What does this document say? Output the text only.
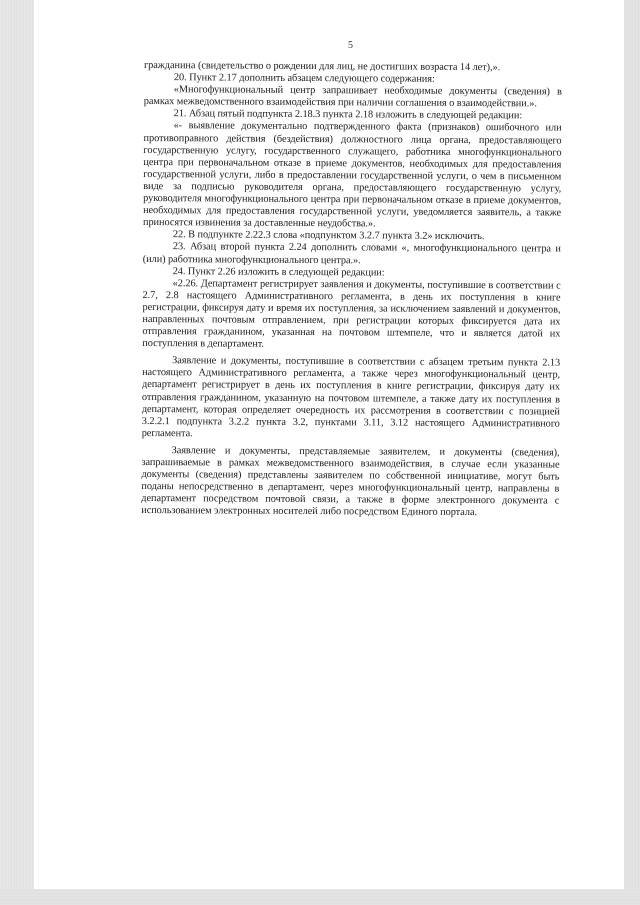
5

гражданина (свидетельство о рождении для лиц, не достигших возраста 14 лет),».

20. Пункт 2.17 дополнить абзацем следующего содержания:

«Многофункциональный центр запрашивает необходимые документы (сведения) в рамках межведомственного взаимодействия при наличии соглашения о взаимодействии.».

21. Абзац пятый подпункта 2.18.3 пункта 2.18 изложить в следующей редакции:

«- выявление документально подтвержденного факта (признаков) ошибочного или противоправного действия (бездействия) должностного лица органа, предоставляющего государственную услугу, государственного служащего, работника многофункционального центра при первоначальном отказе в приеме документов, необходимых для предоставления государственной услуги, либо в предоставлении государственной услуги, о чем в письменном виде за подписью руководителя органа, предоставляющего государственную услугу, руководителя многофункционального центра при первоначальном отказе в приеме документов, необходимых для предоставления государственной услуги, уведомляется заявитель, а также приносятся извинения за доставленные неудобства.».

22. В подпункте 2.22.3 слова «подпунктом 3.2.7 пункта 3.2» исключить.

23. Абзац второй пункта 2.24 дополнить словами «, многофункционального центра и (или) работника многофункционального центра.».

24. Пункт 2.26 изложить в следующей редакции:

«2.26. Департамент регистрирует заявления и документы, поступившие в соответствии с 2.7, 2.8 настоящего Административного регламента, в день их поступления в книге регистрации, фиксируя дату и время их поступления, за исключением заявлений и документов, направленных почтовым отправлением, при регистрации которых фиксируется дата их отправления гражданином, указанная на почтовом штемпеле, что и является датой их поступления в департамент.

Заявление и документы, поступившие в соответствии с абзацем третьим пункта 2.13 настоящего Административного регламента, а также через многофункциональный центр, департамент регистрирует в день их поступления в книге регистрации, фиксируя дату их отправления гражданином, указанную на почтовом штемпеле, а также дату их поступления в департамент, которая определяет очередность их рассмотрения в соответствии с позицией 3.2.2.1 подпункта 3.2.2 пункта 3.2, пунктами 3.11, 3.12 настоящего Административного регламента.

Заявление и документы, представляемые заявителем, и документы (сведения), запрашиваемые в рамках межведомственного взаимодействия, в случае если указанные документы (сведения) представлены заявителем по собственной инициативе, могут быть поданы непосредственно в департамент, через многофункциональный центр, направлены в департамент посредством почтовой связи, а также в форме электронного документа с использованием электронных носителей либо посредством Единого портала.
